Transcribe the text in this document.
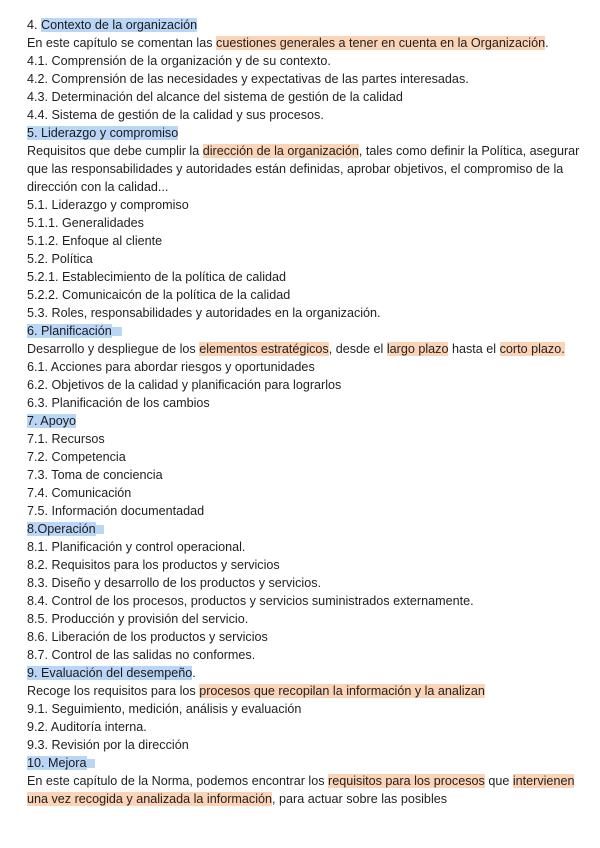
4. Contexto de la organización

En este capítulo se comentan las cuestiones generales a tener en cuenta en la Organización.

4.1. Comprensión de la organización y de su contexto.

4.2. Comprensión de las necesidades y expectativas de las partes interesadas.

4.3. Determinación del alcance del sistema de gestión de la calidad

4.4. Sistema de gestión de la calidad y sus procesos.

5. Liderazgo y compromiso

Requisitos que debe cumplir la dirección de la organización, tales como definir la Política, asegurar que las responsabilidades y autoridades están definidas, aprobar objetivos, el compromiso de la dirección con la calidad...

5.1. Liderazgo y compromiso

5.1.1. Generalidades

5.1.2. Enfoque al cliente

5.2. Política

5.2.1. Establecimiento de la política de calidad

5.2.2. Comunicaicón de la política de la calidad

5.3. Roles, responsabilidades y autoridades en la organización.

6. Planificación

Desarrollo y despliegue de los elementos estratégicos, desde el largo plazo hasta el corto plazo.

6.1. Acciones para abordar riesgos y oportunidades

6.2. Objetivos de la calidad y planificación para lograrlos

6.3. Planificación de los cambios

7. Apoyo

7.1. Recursos

7.2. Competencia

7.3. Toma de conciencia

7.4. Comunicación

7.5. Información documentadad

8.Operación

8.1. Planificación y control operacional.

8.2. Requisitos para los productos y servicios

8.3. Diseño y desarrollo de los productos y servicios.

8.4. Control de los procesos, productos y servicios suministrados externamente.

8.5. Producción y provisión del servicio.

8.6. Liberación de los productos y servicios

8.7. Control de las salidas no conformes.

9. Evaluación del desempeño.

Recoge los requisitos para los procesos que recopilan la información y la analizan

9.1. Seguimiento, medición, análisis y evaluación

9.2. Auditoría interna.

9.3. Revisión por la dirección

10. Mejora

En este capítulo de la Norma, podemos encontrar los requisitos para los procesos que intervienen una vez recogida y analizada la información, para actuar sobre las posibles
